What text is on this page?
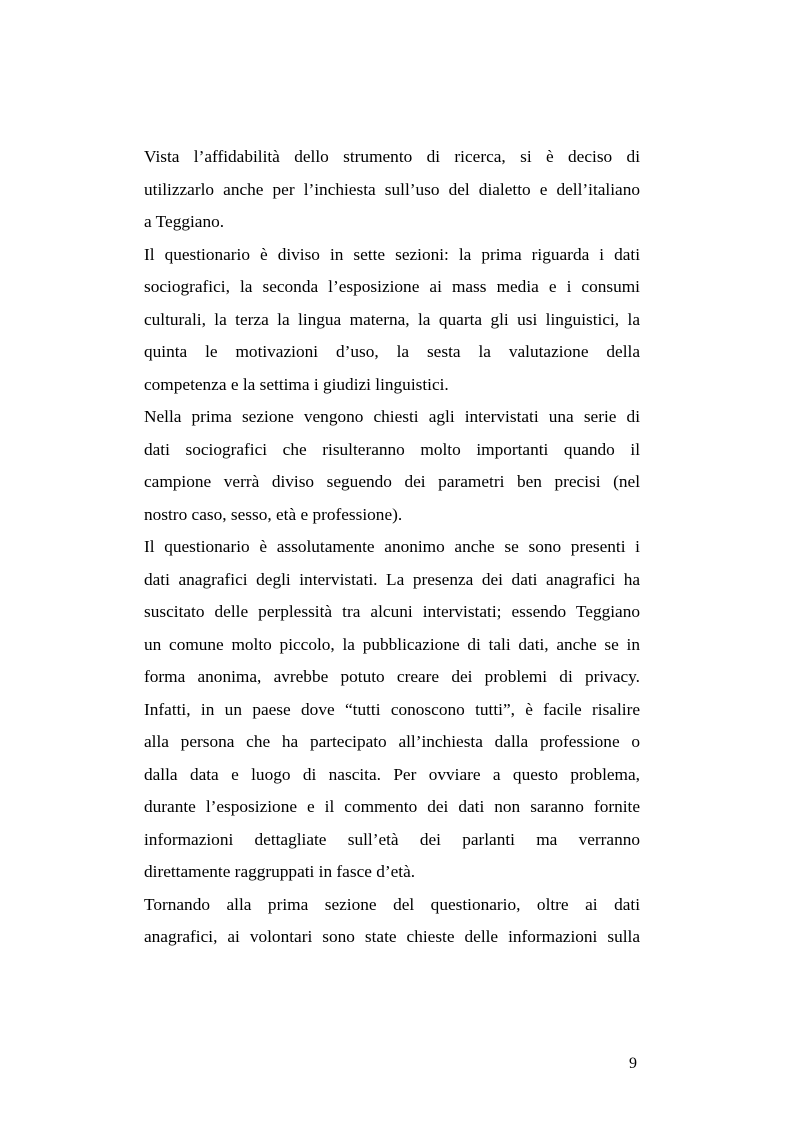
Vista l’affidabilità dello strumento di ricerca, si è deciso di
utilizzarlo anche per l’inchiesta sull’uso del dialetto e dell’italiano
a Teggiano.
Il questionario è diviso in sette sezioni: la prima riguarda i dati
sociografici, la seconda l’esposizione ai mass media e i consumi
culturali, la terza la lingua materna, la quarta gli usi linguistici, la
quinta le motivazioni d’uso, la sesta la valutazione della
competenza e la settima i giudizi linguistici.
Nella prima sezione vengono chiesti agli intervistati una serie di
dati sociografici che risulteranno molto importanti quando il
campione verrà diviso seguendo dei parametri ben precisi (nel
nostro caso, sesso, età e professione).
Il questionario è assolutamente anonimo anche se sono presenti i
dati anagrafici degli intervistati. La presenza dei dati anagrafici ha
suscitato delle perplessità tra alcuni intervistati; essendo Teggiano
un comune molto piccolo, la pubblicazione di tali dati, anche se in
forma anonima, avrebbe potuto creare dei problemi di privacy.
Infatti, in un paese dove “tutti conoscono tutti”, è facile risalire
alla persona che ha partecipato all’inchiesta dalla professione o
dalla data e luogo di nascita. Per ovviare a questo problema,
durante l’esposizione e il commento dei dati non saranno fornite
informazioni dettagliate sull’età dei parlanti ma verranno
direttamente raggruppati in fasce d’età.
Tornando alla prima sezione del questionario, oltre ai dati
anagrafici, ai volontari sono state chieste delle informazioni sulla
9
